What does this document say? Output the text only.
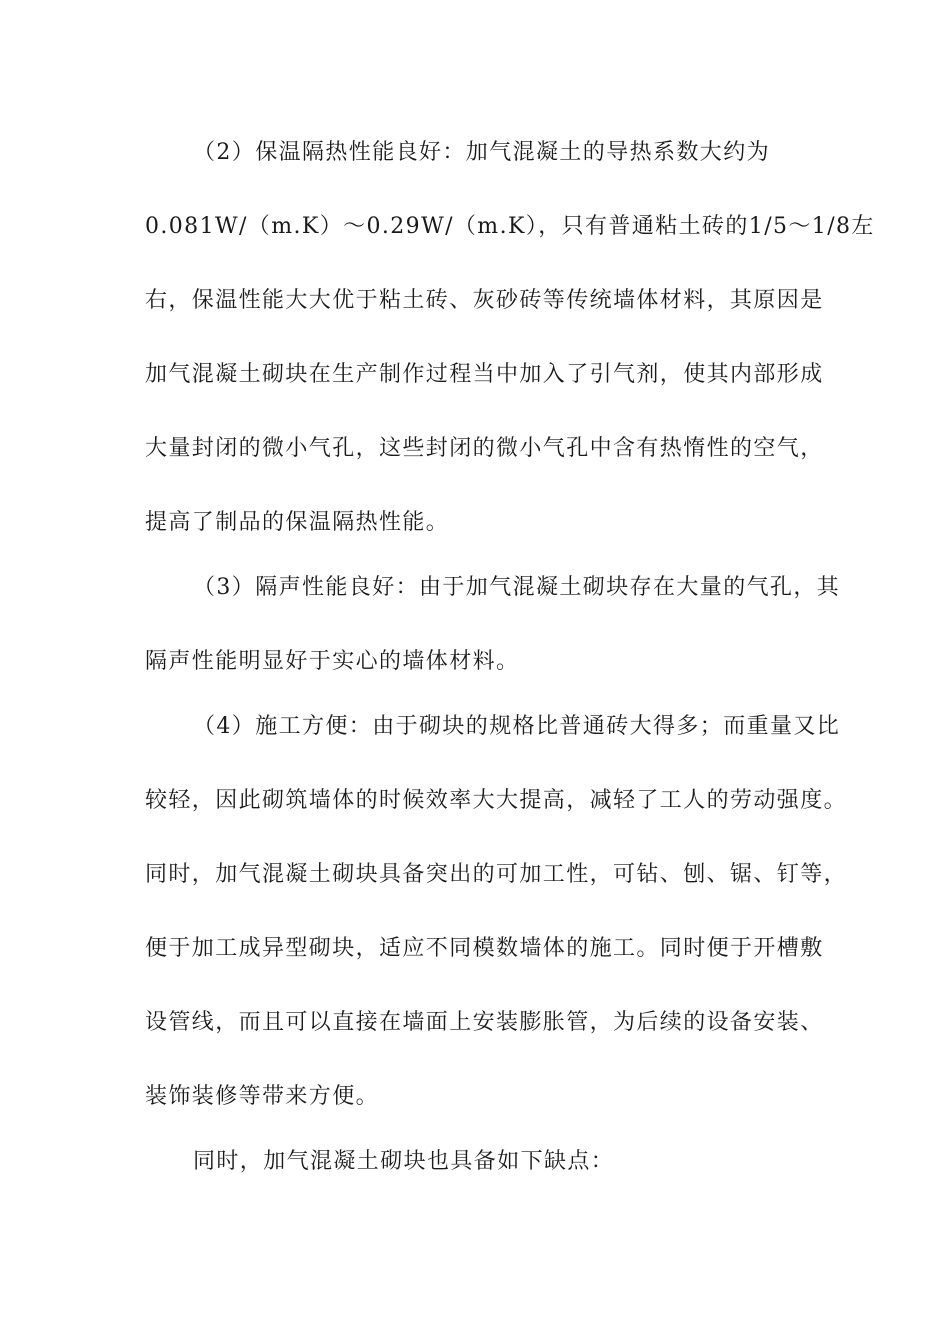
（2）保温隔热性能良好：加气混凝土的导热系数大约为
0.081W/（m.K）～0.29W/（m.K），只有普通粘土砖的1/5～1/8左
右，保温性能大大优于粘土砖、灰砂砖等传统墙体材料，其原因是
加气混凝土砌块在生产制作过程当中加入了引气剂，使其内部形成
大量封闭的微小气孔，这些封闭的微小气孔中含有热惰性的空气，
提高了制品的保温隔热性能。
（3）隔声性能良好：由于加气混凝土砌块存在大量的气孔，其
隔声性能明显好于实心的墙体材料。
（4）施工方便：由于砌块的规格比普通砖大得多；而重量又比
较轻，因此砌筑墙体的时候效率大大提高，减轻了工人的劳动强度。
同时，加气混凝土砌块具备突出的可加工性，可钻、刨、锯、钉等，
便于加工成异型砌块，适应不同模数墙体的施工。同时便于开槽敷
设管线，而且可以直接在墙面上安装膨胀管，为后续的设备安装、
装饰装修等带来方便。
同时，加气混凝土砌块也具备如下缺点：
